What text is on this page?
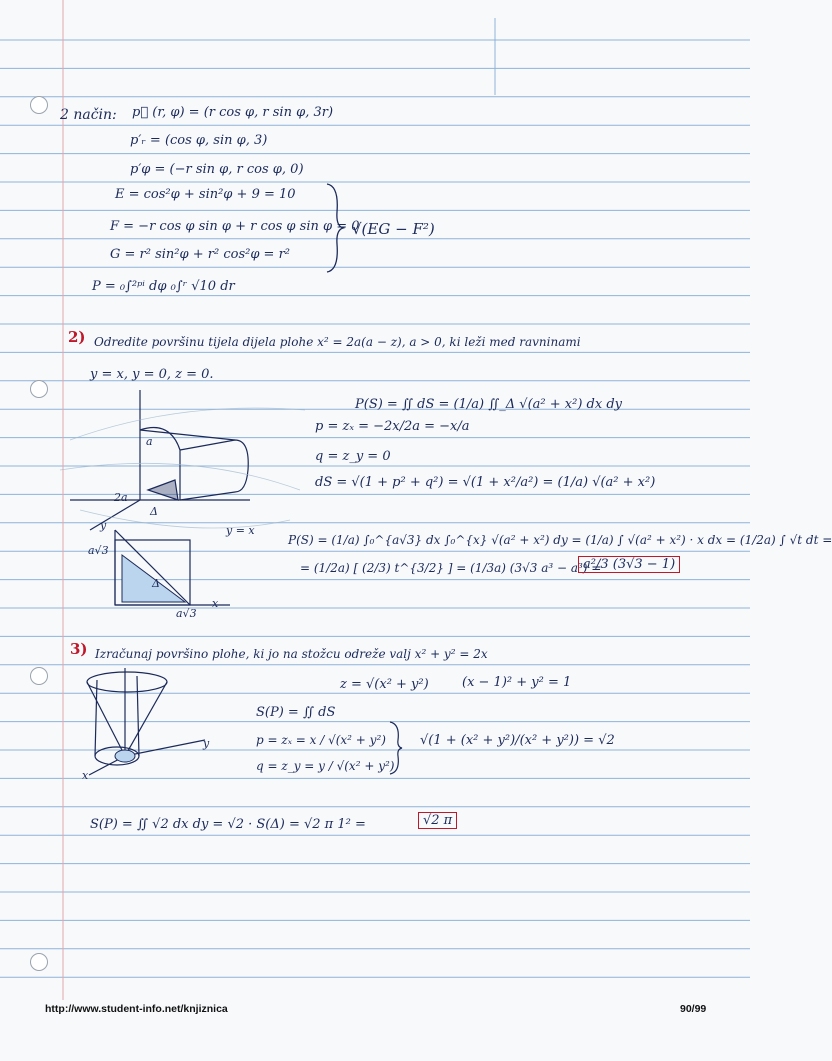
2 način: p⃗ (r, φ) = (r cos φ, r sin φ, 3r)
p′ᵣ = (cos φ, sin φ, 3)
p′φ = (−r sin φ, r cos φ, 0)
E = cos²φ + sin²φ + 9 = 10
F = −r cos φ sin φ + r cos φ sin φ = 0
G = r² sin²φ + r² cos²φ = r²
P = ₀∫²ᵖⁱ dφ ₀∫ʳ √10 dr
√(EG − F²)
2) Odredite površinu tijela dijela plohe x² = 2a(a − z), a > 0, ki leži med ravninami
y = x, y = 0, z = 0.
P(S) = ∬ dS = (1/a) ∬_Δ √(a² + x²) dx dy
p = zₓ = −2x/2a = −x/a
q = z_y = 0
dS = √(1 + p² + q²) = √(1 + x²/a²) = (1/a) √(a² + x²)
P(S) = (1/a) ∫₀^{a√3} dx ∫₀^{x} √(a² + x²) dy = (1/a) ∫ √(a² + x²) · x dx = (1/2a) ∫ √t dt =
= (1/2a) [ (2/3) t^{3/2} ] = (1/3a) (3√3 a³ − a³) =
a²/3 (3√3 − 1)
a
2a
Δ
y = x
y
a√3
Δ
a√3
x
3) Izračunaj površino plohe, ki jo na stožcu odreže valj x² + y² = 2x
z = √(x² + y²)	(x − 1)² + y² = 1
S(P) = ∬ dS
p = zₓ = x / √(x² + y²)
q = z_y = y / √(x² + y²)
√(1 + (x² + y²)/(x² + y²)) = √2
S(P) = ∬ √2 dx dy = √2 · S(Δ) = √2 π 1² =	√2 π
y
x
http://www.student-info.net/knjiznica	90/99
